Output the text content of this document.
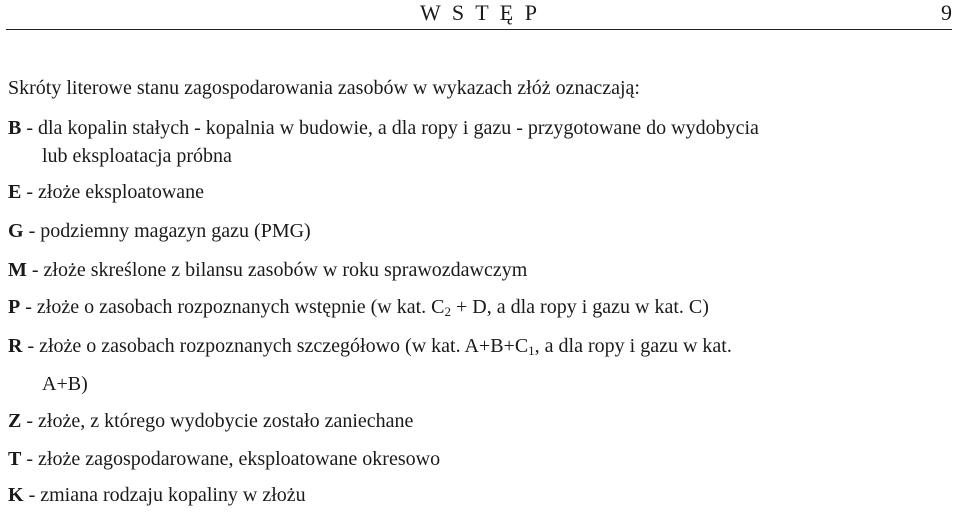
W S T Ę P	9
Skróty literowe stanu zagospodarowania zasobów w wykazach złóż oznaczają:
B - dla kopalin stałych - kopalnia w budowie, a dla ropy i gazu - przygotowane do wydobycia
lub eksploatacja próbna
E - złoże eksploatowane
G - podziemny magazyn gazu (PMG)
M - złoże skreślone z bilansu zasobów w roku sprawozdawczym
P - złoże o zasobach rozpoznanych wstępnie (w kat. $C_2 + D$, a dla ropy i gazu w kat. C)
R - złoże o zasobach rozpoznanych szczegółowo (w kat. $A+B+C_1$, a dla ropy i gazu w kat.
A+B)
Z - złoże, z którego wydobycie zostało zaniechane
T - złoże zagospodarowane, eksploatowane okresowo
K - zmiana rodzaju kopaliny w złożu
